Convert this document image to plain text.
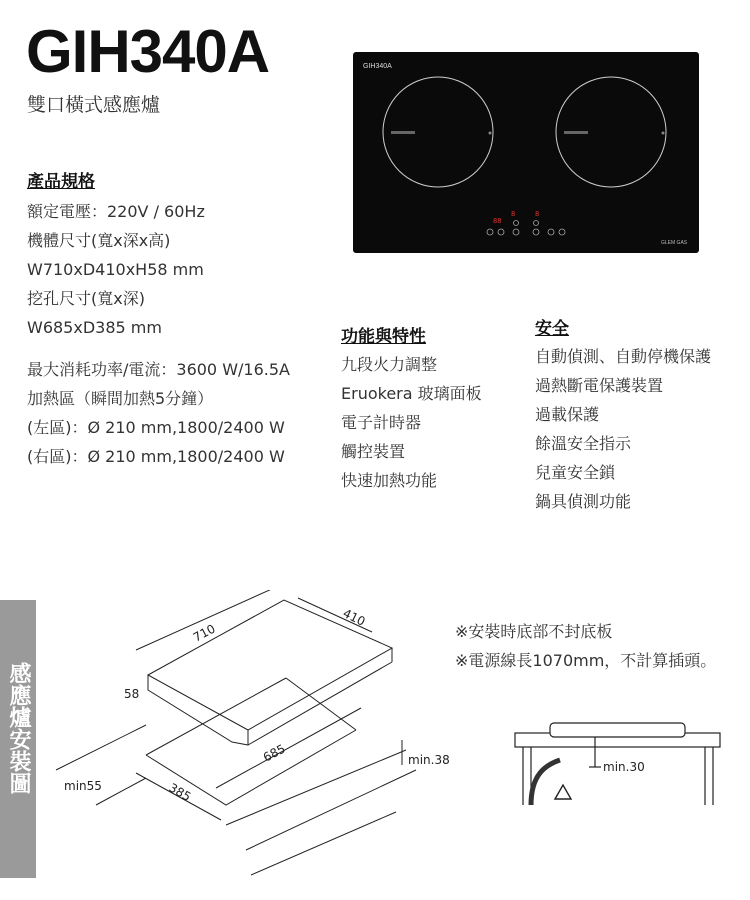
GIH340A
雙口橫式感應爐
GIH340A
88
8	8
GLEM GAS
產品規格
額定電壓：220V / 60Hz
機體尺寸(寬x深x高)
W710xD410xH58 mm
挖孔尺寸(寬x深)
W685xD385 mm
最大消耗功率/電流：3600 W/16.5A
加熱區（瞬間加熱5分鐘）
(左區)：Ø 210 mm,1800/2400 W
(右區)：Ø 210 mm,1800/2400 W
功能與特性
九段火力調整
Eruokera 玻璃面板
電子計時器
觸控裝置
快速加熱功能
安全
自動偵測、自動停機保護
過熱斷電保護裝置
過載保護
餘溫安全指示
兒童安全鎖
鍋具偵測功能
感應爐安裝圖
710
410
58
685
385
min55
min.38
※安裝時底部不封底板
※電源線長1070mm，不計算插頭。
min.30
